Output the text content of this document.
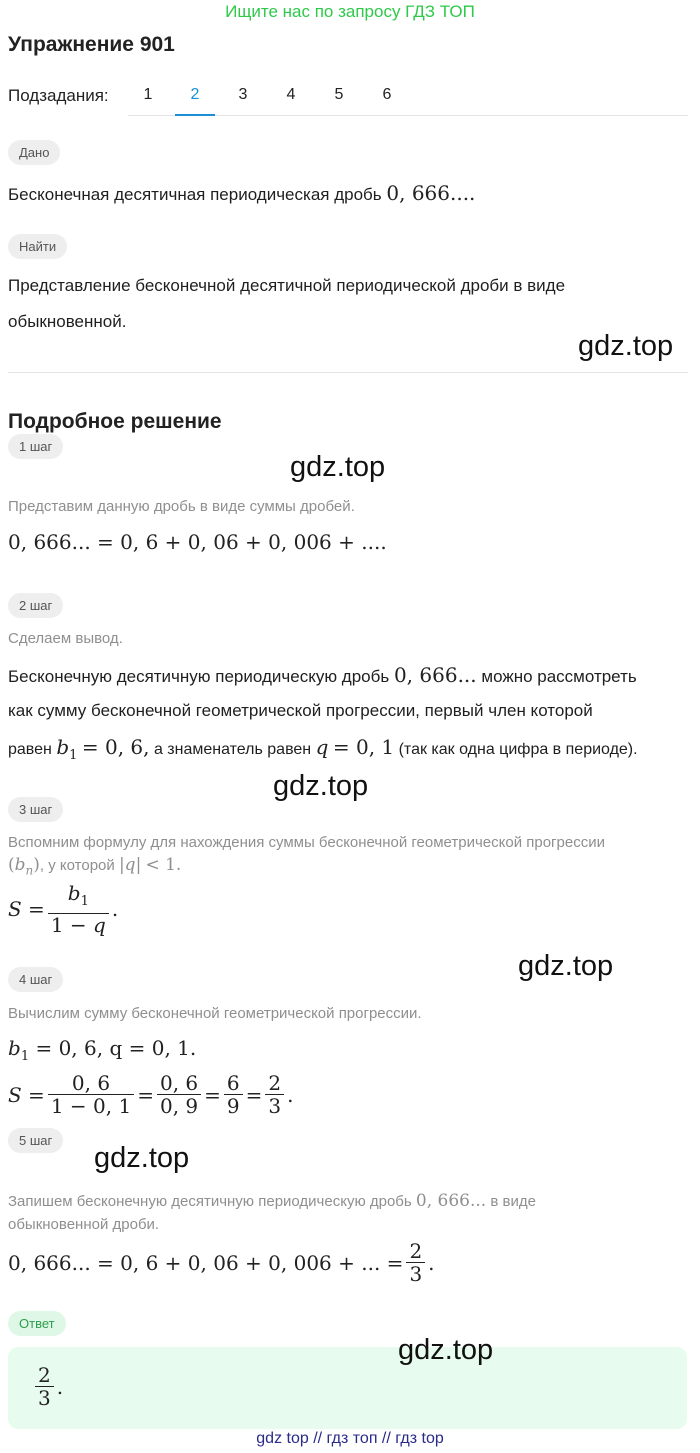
Ищите нас по запросу ГДЗ ТОП
Упражнение 901
Подзадания:	1	2	3	4	5	6
Дано
Бесконечная десятичная периодическая дробь 0, 666....
Найти
Представление бесконечной десятичной периодической дроби в виде
обыкновенной.
gdz.top
Подробное решение
1 шаг
gdz.top
Представим данную дробь в виде суммы дробей.
0, 666... = 0, 6 + 0, 06 + 0, 006 + ....
2 шаг
Сделаем вывод.
Бесконечную десятичную периодическую дробь 0, 666... можно рассмотреть
как сумму бесконечной геометрической прогрессии, первый член которой
равен $b_1 = 0$, 6, а знаменатель равен q = 0, 1 (так как одна цифра в периоде).
gdz.top
3 шаг
Вспомним формулу для нахождения суммы бесконечной геометрической прогрессии
$(b_n)$, у которой |q| < 1.
$S = \frac{b_1}{1 - q}$ .
4 шаг	gdz.top
Вычислим сумму бесконечной геометрической прогрессии.
$b_1 = 0$, 6, q = 0, 1.
$S = \frac{0, 6}{1 - 0, 1} = \frac{0, 6}{0, 9} = \frac{6}{9} = \frac{2}{3}$ .
5 шаг
gdz.top
Запишем бесконечную десятичную периодическую дробь 0, 666... в виде
обыкновенной дроби.
0, 666... = 0, 6 + 0, 06 + 0, 006 + ... = $\frac{2}{3}$ .
Ответ
$\frac{2}{3}$ .
gdz.top
gdz top // гдз топ // гдз top
